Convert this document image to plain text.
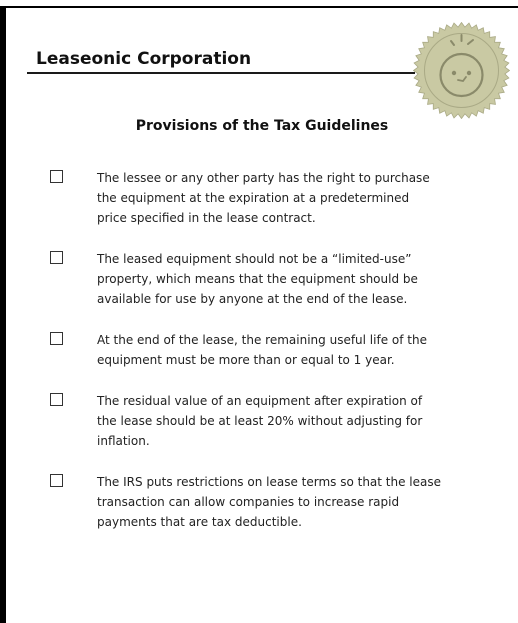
Leaseonic Corporation
Provisions of the Tax Guidelines
The lessee or any other party has the right to purchase the equipment at the expiration at a predetermined price specified in the lease contract.
The leased equipment should not be a “limited-use” property, which means that the equipment should be available for use by anyone at the end of the lease.
At the end of the lease, the remaining useful life of the equipment must be more than or equal to 1 year.
The residual value of an equipment after expiration of the lease should be at least 20% without adjusting for inflation.
The IRS puts restrictions on lease terms so that the lease transaction can allow companies to increase rapid payments that are tax deductible.
